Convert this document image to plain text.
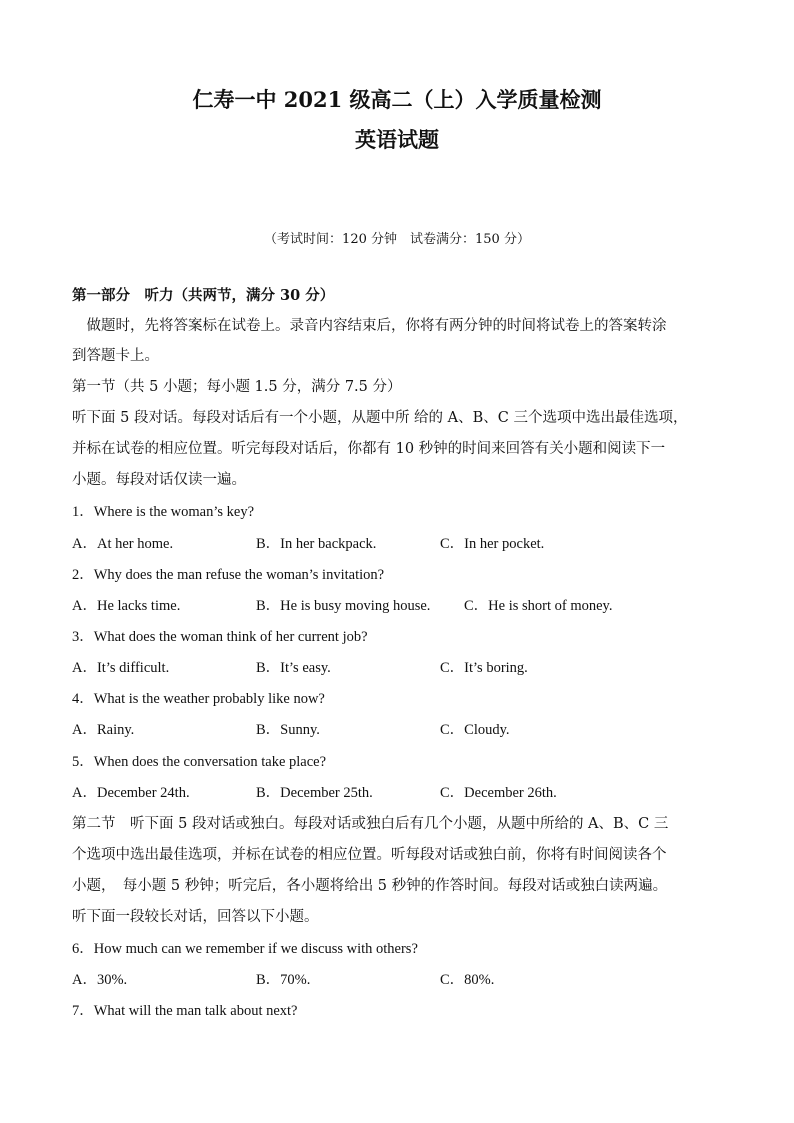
仁寿一中 2021 级高二（上）入学质量检测
英语试题
（考试时间：120 分钟　试卷满分：150 分）
第一部分　听力（共两节，满分 30 分）
　做题时，先将答案标在试卷上。录音内容结束后，你将有两分钟的时间将试卷上的答案转涂
到答题卡上。
第一节（共 5 小题；每小题 1.5 分，满分 7.5 分）
听下面 5 段对话。每段对话后有一个小题，从题中所 给的 A、B、C 三个选项中选出最佳选项，
并标在试卷的相应位置。听完每段对话后，你都有 10 秒钟的时间来回答有关小题和阅读下一
小题。每段对话仅读一遍。
1．Where is the woman’s key?
A．At her home.	B．In her backpack.	C．In her pocket.
2．Why does the man refuse the woman’s invitation?
A．He lacks time.	B．He is busy moving house. C．He is short of money.
3．What does the woman think of her current job?
A．It’s difficult.	B．It’s easy.	C．It’s boring.
4．What is the weather probably like now?
A．Rainy.	B．Sunny.	C．Cloudy.
5．When does the conversation take place?
A．December 24th.	B．December 25th.	C．December 26th.
第二节　听下面 5 段对话或独白。每段对话或独白后有几个小题，从题中所给的 A、B、C 三
个选项中选出最佳选项，并标在试卷的相应位置。听每段对话或独白前，你将有时间阅读各个
小题，　每小题 5 秒钟；听完后，各小题将给出 5 秒钟的作答时间。每段对话或独白读两遍。
听下面一段较长对话，回答以下小题。
6．How much can we remember if we discuss with others?
A．30%.	B．70%.	C．80%.
7．What will the man talk about next?
